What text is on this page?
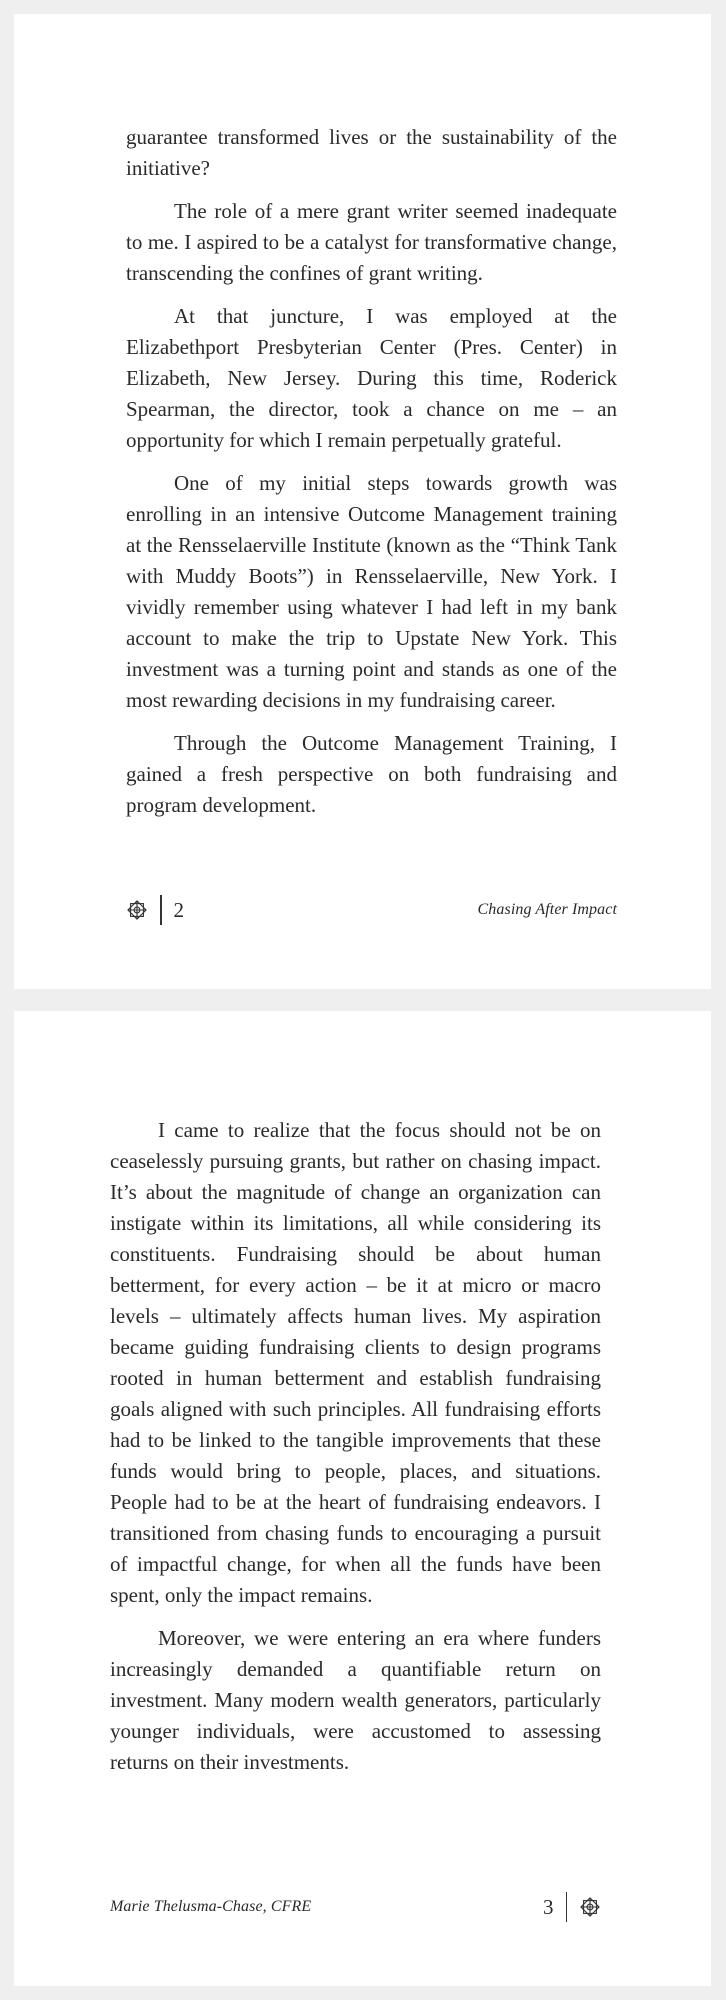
guarantee transformed lives or the sustainability of the initiative?

The role of a mere grant writer seemed inadequate to me. I aspired to be a catalyst for transformative change, transcending the confines of grant writing.

At that juncture, I was employed at the Elizabethport Presbyterian Center (Pres. Center) in Elizabeth, New Jersey. During this time, Roderick Spearman, the director, took a chance on me – an opportunity for which I remain perpetually grateful.

One of my initial steps towards growth was enrolling in an intensive Outcome Management training at the Rensselaerville Institute (known as the “Think Tank with Muddy Boots”) in Rensselaerville, New York. I vividly remember using whatever I had left in my bank account to make the trip to Upstate New York. This investment was a turning point and stands as one of the most rewarding decisions in my fundraising career.

Through the Outcome Management Training, I gained a fresh perspective on both fundraising and program development.

2	Chasing After Impact

I came to realize that the focus should not be on ceaselessly pursuing grants, but rather on chasing impact. It’s about the magnitude of change an organization can instigate within its limitations, all while considering its constituents. Fundraising should be about human betterment, for every action – be it at micro or macro levels – ultimately affects human lives. My aspiration became guiding fundraising clients to design programs rooted in human betterment and establish fundraising goals aligned with such principles. All fundraising efforts had to be linked to the tangible improvements that these funds would bring to people, places, and situations. People had to be at the heart of fundraising endeavors. I transitioned from chasing funds to encouraging a pursuit of impactful change, for when all the funds have been spent, only the impact remains.

Moreover, we were entering an era where funders increasingly demanded a quantifiable return on investment. Many modern wealth generators, particularly younger individuals, were accustomed to assessing returns on their investments.

Marie Thelusma-Chase, CFRE	3
